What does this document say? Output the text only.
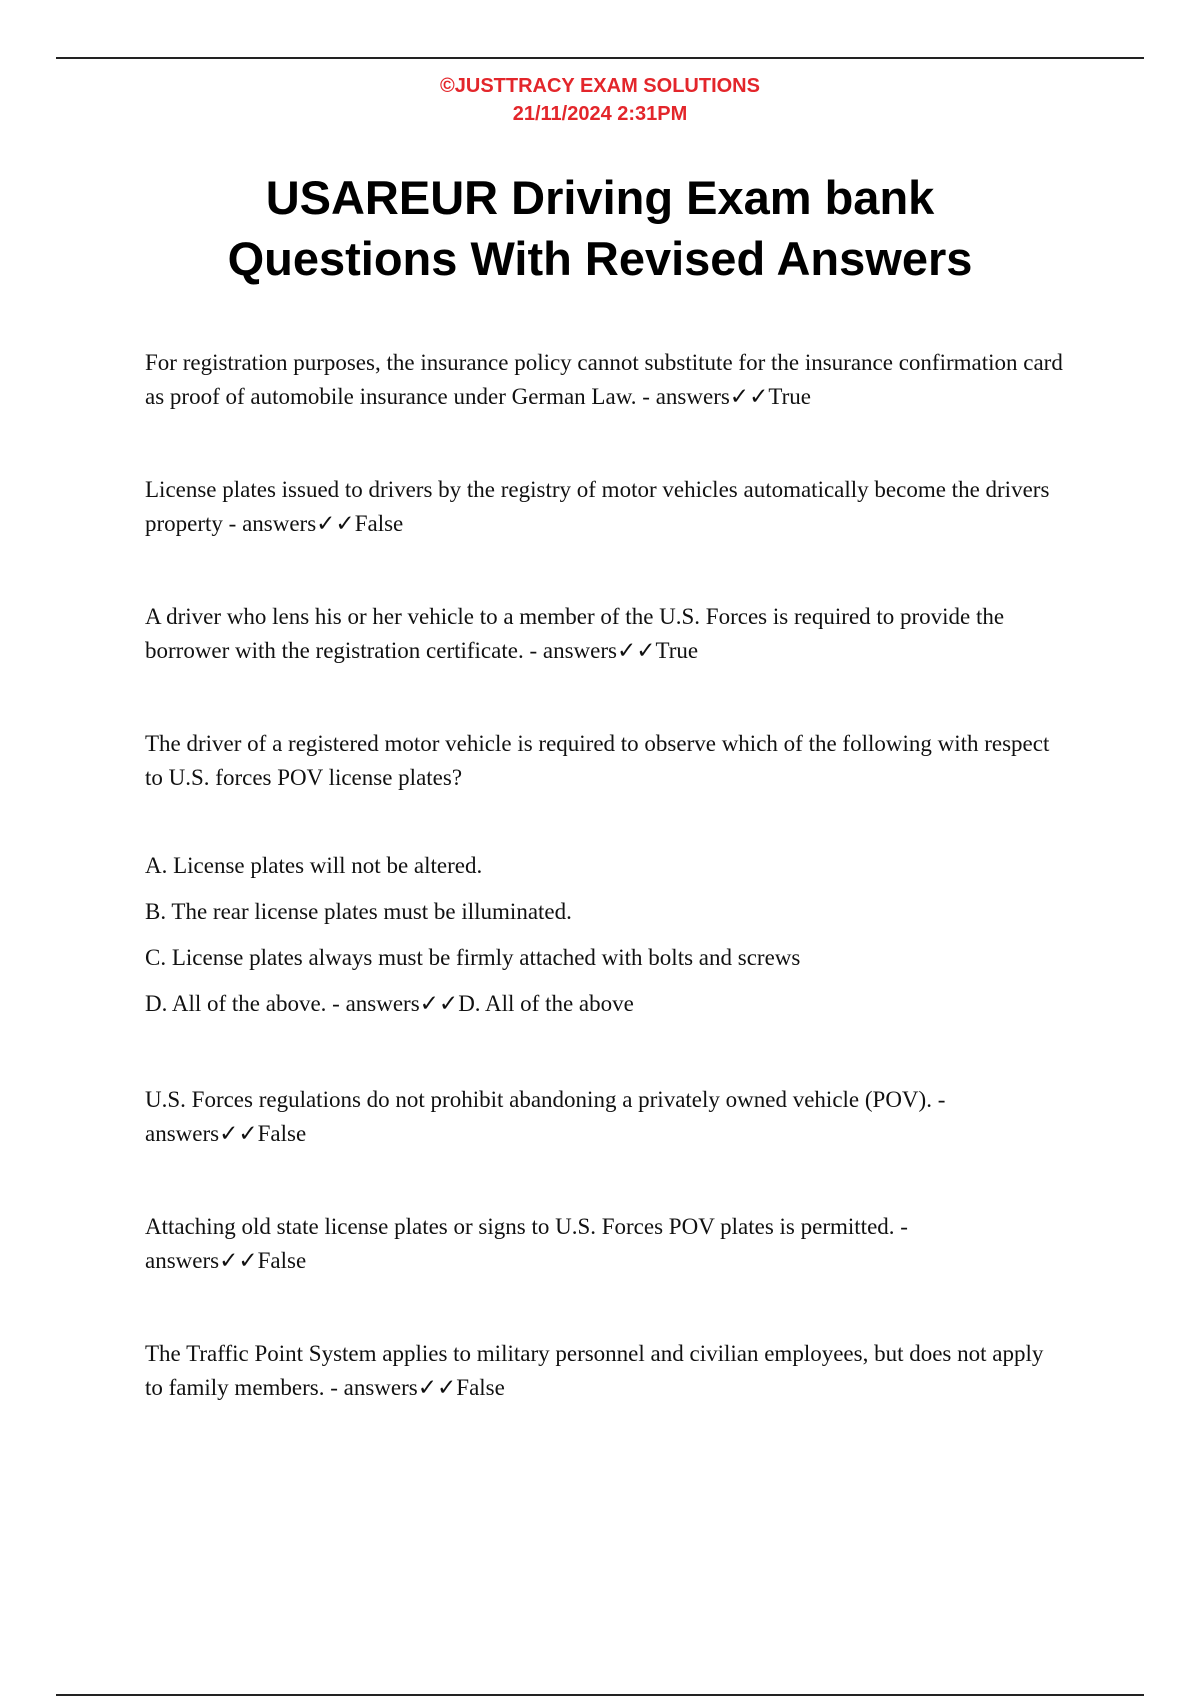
©JUSTTRACY EXAM SOLUTIONS
21/11/2024 2:31PM
USAREUR Driving Exam bank
Questions With Revised Answers

For registration purposes, the insurance policy cannot substitute for the insurance confirmation card as proof of automobile insurance under German Law. - answers✓✓True

License plates issued to drivers by the registry of motor vehicles automatically become the drivers property - answers✓✓False

A driver who lens his or her vehicle to a member of the U.S. Forces is required to provide the borrower with the registration certificate. - answers✓✓True

The driver of a registered motor vehicle is required to observe which of the following with respect to U.S. forces POV license plates?

A. License plates will not be altered.

B. The rear license plates must be illuminated.

C. License plates always must be firmly attached with bolts and screws

D. All of the above. - answers✓✓D. All of the above

U.S. Forces regulations do not prohibit abandoning a privately owned vehicle (POV). - answers✓✓False

Attaching old state license plates or signs to U.S. Forces POV plates is permitted. - answers✓✓False

The Traffic Point System applies to military personnel and civilian employees, but does not apply to family members. - answers✓✓False
